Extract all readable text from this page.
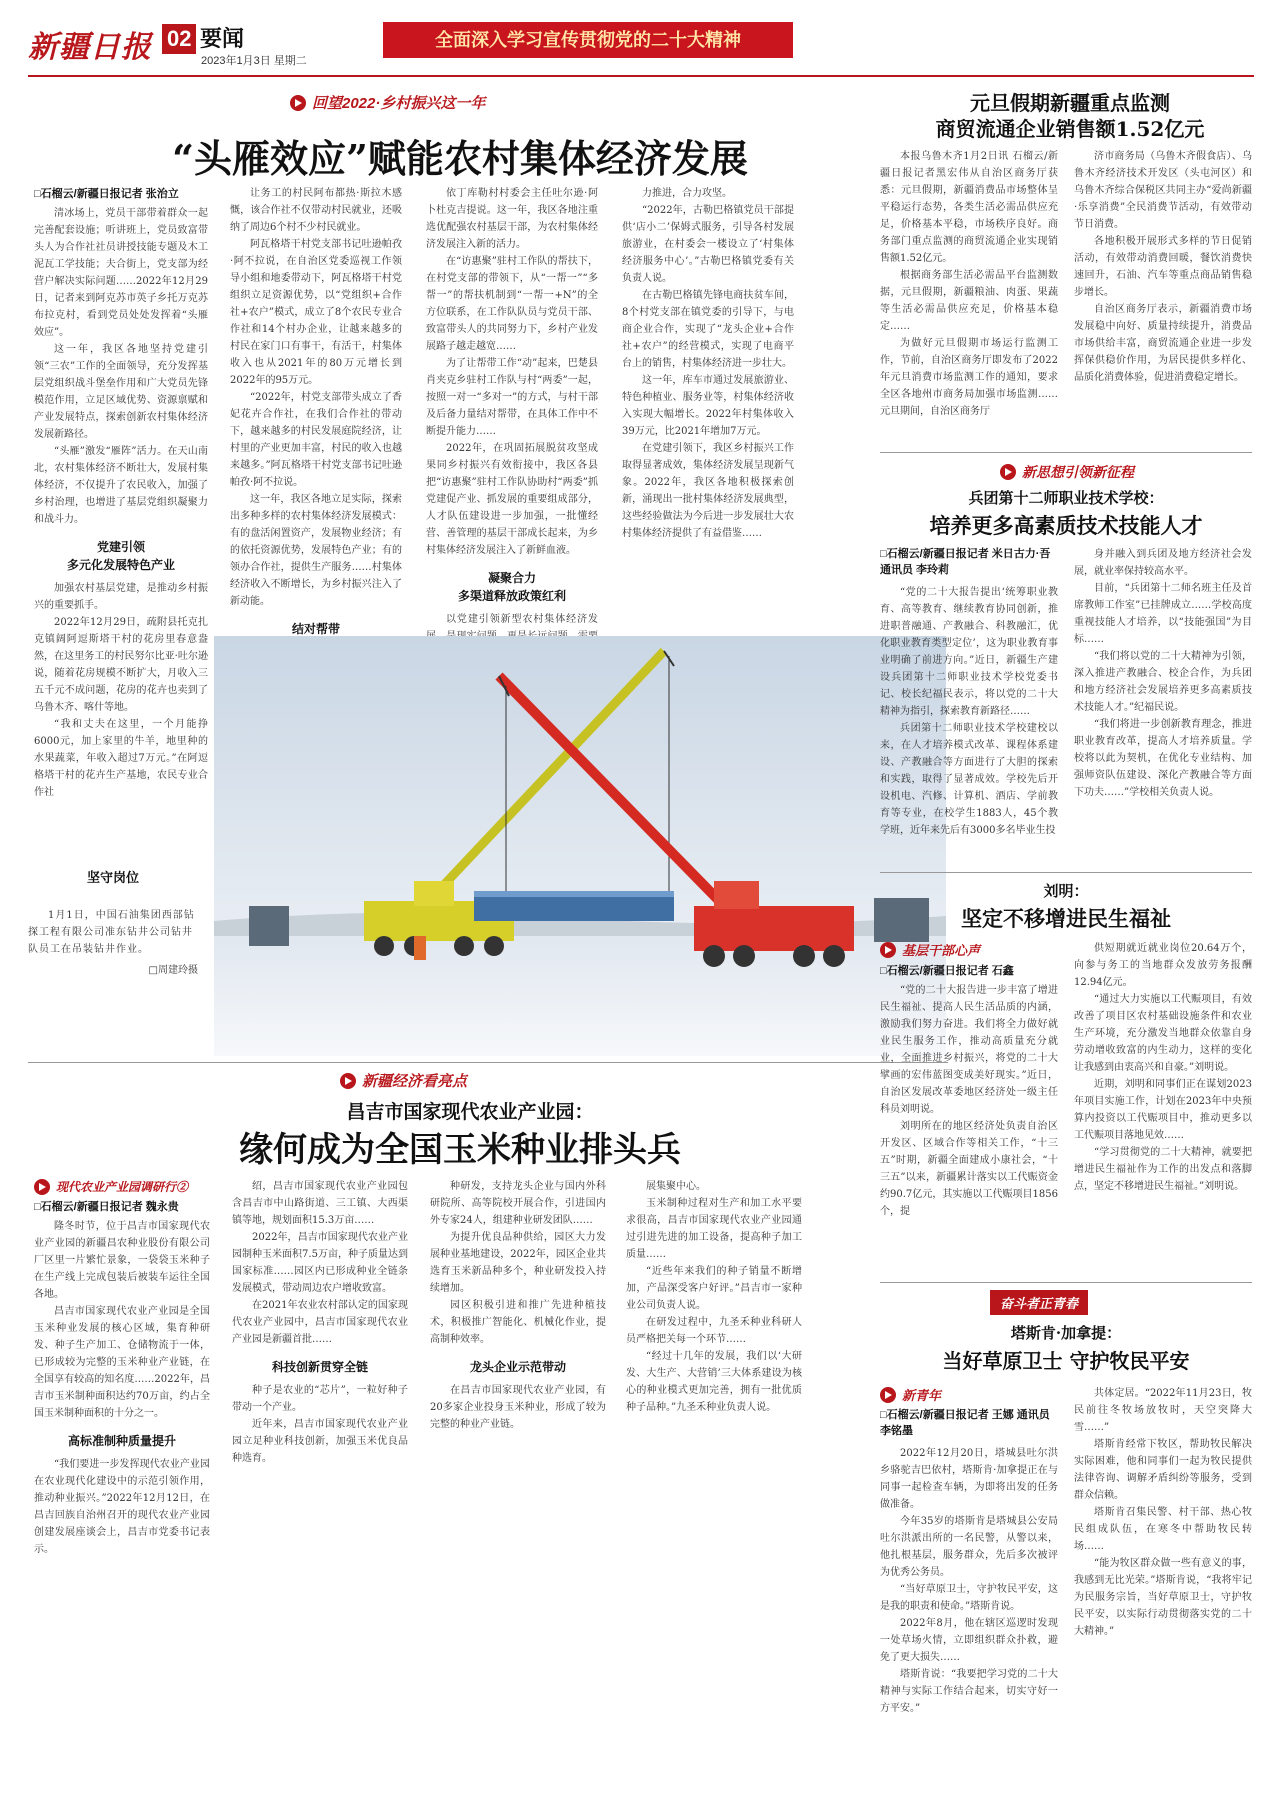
新疆日报 02 要闻
2023年1月3日 星期二
全面深入学习宣传贯彻党的二十大精神
回望2022·乡村振兴这一年
“头雁效应”赋能农村集体经济发展
□石榴云/新疆日报记者 张治立

清冰场上，党员干部带着群众一起完善配套设施；听讲班上，党员致富带头人为合作社社员讲授技能专题及木工泥瓦工学技能；夫合街上，党支部为经营户解决实际问题……2022年12月29日，记者来到阿克苏市英子乡托万克苏布拉克村，看到党员处处发挥着“头雁效应”。

这一年，我区各地坚持党建引领“三农”工作的全面领导，充分发挥基层党组织战斗堡垒作用和广大党员先锋模范作用，立足区域优势、资源禀赋和产业发展特点，探索创新农村集体经济发展新路径。

“头雁”激发“雁阵”活力。在天山南北，农村集体经济不断壮大，发展村集体经济，不仅提升了农民收入，加强了乡村治理，也增进了基层党组织凝聚力和战斗力。

党建引领
多元化发展特色产业

加强农村基层党建，是推动乡村振兴的重要抓手。

2022年12月29日，疏附县托克扎克镇阔阿逗斯塔干村的花房里春意盎然，在这里务工的村民努尔比亚·吐尔逊说，随着花房规模不断扩大，月收入三五千元不成问题，花房的花卉也卖到了乌鲁木齐、喀什等地。

“我和丈夫在这里，一个月能挣6000元，加上家里的牛羊，地里种的水果蔬菜，年收入超过7万元。”在阿逗格塔干村的花卉生产基地，农民专业合作社

让务工的村民阿布都热·斯拉木感慨，该合作社不仅带动村民就业，还吸纳了周边6个村不少村民就业。

阿瓦格塔干村党支部书记吐逊帕孜·阿不拉说，在自治区党委巡视工作领导小组和地委带动下，阿瓦格塔干村党组织立足资源优势，以“党组织+合作社+农户”模式，成立了8个农民专业合作社和14个村办企业，让越来越多的村民在家门口有事干，有活干，村集体收入也从2021年的80万元增长到2022年的95万元。

“2022年，村党支部带头成立了香妃花卉合作社，在我们合作社的带动下，越来越多的村民发展庭院经济，让村里的产业更加丰富，村民的收入也越来越多。”阿瓦格塔干村党支部书记吐逊帕孜·阿不拉说。

这一年，我区各地立足实际，探索出多种多样的农村集体经济发展模式：有的盘活闲置资产，发展物业经济；有的依托资源优势，发展特色产业；有的领办合作社，提供生产服务……村集体经济收入不断增长，为乡村振兴注入了新动能。

结对帮带

依丁库勒村村委会主任吐尔逊·阿卜杜克吉提说。这一年，我区各地注重选优配强农村基层干部，为农村集体经济发展注入新的活力。

在“访惠聚”驻村工作队的帮扶下，在村党支部的带领下，从“一帮一”“多帮一”的帮扶机制到“一帮一+N”的全方位联系，在工作队队员与党员干部、致富带头人的共同努力下，乡村产业发展路子越走越宽……

为了让帮带工作“动”起来，巴楚县肖夹克乡驻村工作队与村“两委”一起，按照一对一“多对一”的方式，与村干部及后备力量结对帮带，在具体工作中不断提升能力……

2022年，在巩固拓展脱贫攻坚成果同乡村振兴有效衔接中，我区各县把“访惠聚”驻村工作队协助村“两委”抓党建促产业、抓发展的重要组成部分，人才队伍建设进一步加强，一批懂经营、善管理的基层干部成长起来，为乡村集体经济发展注入了新鲜血液。

凝聚合力
多渠道释放政策红利

以党建引领新型农村集体经济发

力推进，合力攻坚。

“2022年，古勒巴格镇党员干部提供‘店小二’保姆式服务，引导各村发展旅游业，在村委会一楼设立了‘村集体经济服务中心’。”古勒巴格镇党委有关负责人说。

在古勒巴格镇先锋电商扶贫车间，8个村党支部在镇党委的引导下，与电商企业合作，实现了“龙头企业+合作社+农户”的经营模式，实现了电商平台上的销售，村集体经济进一步壮大。

这一年，库车市通过发展旅游业、特色种植业、服务业等，村集体经济收入实现大幅增长。2022年村集体收入39万元，比2021年增加7万元。

在党建引领下，我区乡村振兴工作取得显著成效，集体经济发展呈现新气象。2022年，我区各地积极探索创新，涌现出一批村集体经济发展典型，这些经验做法为今后进一步发展壮大农村集体经济提供了有益借鉴……

坚守岗位

1月1日，中国石油集团西部钻探工程有限公司准东钻井公司钻井队员工在吊装钻井作业。

□周建玲摄
新疆经济看亮点
昌吉市国家现代农业产业园：
缘何成为全国玉米种业排头兵
现代农业产业园调研行②
□石榴云/新疆日报记者 魏永贵

隆冬时节，位于昌吉市国家现代农业产业园的新疆昌农种业股份有限公司厂区里一片繁忙景象，一袋袋玉米种子在生产线上完成包装后被装车运往全国各地。

昌吉市国家现代农业产业园是全国玉米种业发展的核心区域，集育种研发、种子生产加工、仓储物流于一体，已形成较为完整的玉米种业产业链，在全国享有较高的知名度……2022年，昌吉市玉米制种面积达约70万亩，约占全国玉米制种面积的十分之一。

高标准制种质量提升

“我们要进一步发挥现代农业产业园在农业现代化建设中的示范引领作用，推动种业振兴。”2022年12月12日，在昌吉回族自治州召开的现代农业产业园创建发展座谈会上，昌吉市党委书记表示。

绍，昌吉市国家现代农业产业园包含昌吉市中山路街道、三工镇、大西渠镇等地，规划面积15.3万亩……

2022年，昌吉市国家现代农业产业园制种玉米面积7.5万亩，种子质量达到国家标准……园区内已形成种业全链条发展模式，带动周边农户增收致富。

在2021年农业农村部认定的国家现代农业产业园中，昌吉市国家现代农业产业园是新疆首批……

科技创新贯穿全链

种子是农业的“芯片”，一粒好种子带动一个产业。

近年来，昌吉市国家现代农业产业园立足种业科技创新，加强玉米优良品种选育。

种研发，支持龙头企业与国内外科研院所、高等院校开展合作，引进国内外专家24人，组建种业研发团队……

为提升优良品种供给，园区大力发展种业基地建设，2022年，园区企业共选育玉米新品种多个，种业研发投入持续增加。

园区积极引进和推广先进种植技术，积极推广智能化、机械化作业，提高制种效率。

龙头企业示范带动

在昌吉市国家现代农业产业园，有20多家企业投身玉米种业，形成了较为完整的种业产业链。

展集聚中心。

玉米制种过程对生产和加工水平要求很高，昌吉市国家现代农业产业园通过引进先进的加工设备，提高种子加工质量……

“近些年来我们的种子销量不断增加，产品深受客户好评。”昌吉市一家种业公司负责人说。

在研发过程中，九圣禾种业科研人员严格把关每一个环节……

“经过十几年的发展，我们以‘大研发、大生产、大营销’三大体系建设为核心的种业模式更加完善，拥有一批优质种子品种。”九圣禾种业负责人说。

元旦假期新疆重点监测
商贸流通企业销售额1.52亿元

本报乌鲁木齐1月2日讯 石榴云/新疆日报记者黑宏伟从自治区商务厅获悉：元旦假期，新疆消费品市场整体呈平稳运行态势，各类生活必需品供应充足，价格基本平稳，市场秩序良好。商务部门重点监测的商贸流通企业实现销售额1.52亿元。

根据商务部生活必需品平台监测数据，元旦假期，新疆粮油、肉蛋、果蔬等生活必需品供应充足，价格基本稳定……

为做好元旦假期市场运行监测工作，节前，自治区商务厅即发布了2022年元旦消费市场监测工作的通知，要求全区各地州市商务局加强市场监测……元旦期间，自治区商务厅

济市商务局（乌鲁木齐假食店）、乌鲁木齐经济技术开发区（头屯河区）和乌鲁木齐综合保税区共同主办“爱尚新疆·乐享消费”全民消费节活动，有效带动节日消费。

各地积极开展形式多样的节日促销活动，有效带动消费回暖，餐饮消费快速回升，石油、汽车等重点商品销售稳步增长。

自治区商务厅表示，新疆消费市场发展稳中向好、质量持续提升，消费品市场供给丰富，商贸流通企业进一步发挥保供稳价作用，为居民提供多样化、品质化消费体验，促进消费稳定增长。

新思想引领新征程
兵团第十二师职业技术学校：
培养更多高素质技术技能人才
□石榴云/新疆日报记者 米日古力·吾 通讯员 李玲莉

“党的二十大报告提出‘统筹职业教育、高等教育、继续教育协同创新，推进职普融通、产教融合、科教融汇，优化职业教育类型定位’，这为职业教育事业明确了前进方向。”近日，新疆生产建设兵团第十二师职业技术学校党委书记、校长纪福民表示，将以党的二十大精神为指引，探索教育新路径……

兵团第十二师职业技术学校建校以来，在人才培养模式改革、课程体系建设、产教融合等方面进行了大胆的探索和实践，取得了显著成效。学校先后开设机电、汽修、计算机、酒店、学前教育等专业，在校学生1883人，45个教学班，近年来先后有3000多名毕业生投

身并融入到兵团及地方经济社会发展，就业率保持较高水平。

目前，“兵团第十二师名班主任及首席教师工作室”已挂牌成立……学校高度重视技能人才培养，以“技能强国”为目标……

“我们将以党的二十大精神为引领，深入推进产教融合、校企合作，为兵团和地方经济社会发展培养更多高素质技术技能人才。”纪福民说。

“我们将进一步创新教育理念，推进职业教育改革，提高人才培养质量。学校将以此为契机，在优化专业结构、加强师资队伍建设、深化产教融合等方面下功夫……”学校相关负责人说。

刘明：
坚定不移增进民生福祉
基层干部心声
□石榴云/新疆日报记者 石鑫

“党的二十大报告进一步丰富了增进民生福祉、提高人民生活品质的内涵，激励我们努力奋进。我们将全力做好就业民生服务工作，推动高质量充分就业，全面推进乡村振兴，将党的二十大擘画的宏伟蓝图变成美好现实。”近日，自治区发展改革委地区经济处一级主任科员刘明说。

刘明所在的地区经济处负责自治区开发区、区域合作等相关工作，“十三五”时期，新疆全面建成小康社会，“十三五”以来，新疆累计落实以工代赈资金约90.7亿元，其实施以工代赈项目1856个，提

供短期就近就业岗位20.64万个，向参与务工的当地群众发放劳务报酬12.94亿元。

“通过大力实施以工代赈项目，有效改善了项目区农村基础设施条件和农业生产环境，充分激发当地群众依靠自身劳动增收致富的内生动力，这样的变化让我感到由衷高兴和自豪。”刘明说。

近期，刘明和同事们正在谋划2023年项目实施工作，计划在2023年中央预算内投资以工代赈项目中，推动更多以工代赈项目落地见效……

“学习贯彻党的二十大精神，就要把增进民生福祉作为工作的出发点和落脚点，坚定不移增进民生福祉。”刘明说。

奋斗者正青春
塔斯肯·加拿提：
当好草原卫士 守护牧民平安
新青年
□石榴云/新疆日报记者 王娜 通讯员 李铭墨

2022年12月20日，塔城县吐尔洪乡骆驼吉巴依村，塔斯肯·加拿提正在与同事一起检查车辆，为即将出发的任务做准备。

今年35岁的塔斯肯是塔城县公安局吐尔洪派出所的一名民警，从警以来，他扎根基层，服务群众，先后多次被评为优秀公务员。

“当好草原卫士，守护牧民平安，这是我的职责和使命。”塔斯肯说。

2022年8月，他在辖区巡逻时发现一处草场火情，立即组织群众扑救，避免了更大损失……

塔斯肯说：“我要把学习党的二十大精神与实际工作结合起来，切实守好一方平安。”

共体定居。“2022年11月23日，牧民前往冬牧场放牧时，天空突降大雪……”

塔斯肯经常下牧区，帮助牧民解决实际困难，他和同事们一起为牧民提供法律咨询、调解矛盾纠纷等服务，受到群众信赖。

塔斯肯召集民警、村干部、热心牧民组成队伍，在寒冬中帮助牧民转场……

“能为牧区群众做一些有意义的事，我感到无比光荣。”塔斯肯说，“我将牢记为民服务宗旨，当好草原卫士，守护牧民平安，以实际行动贯彻落实党的二十大精神。”
